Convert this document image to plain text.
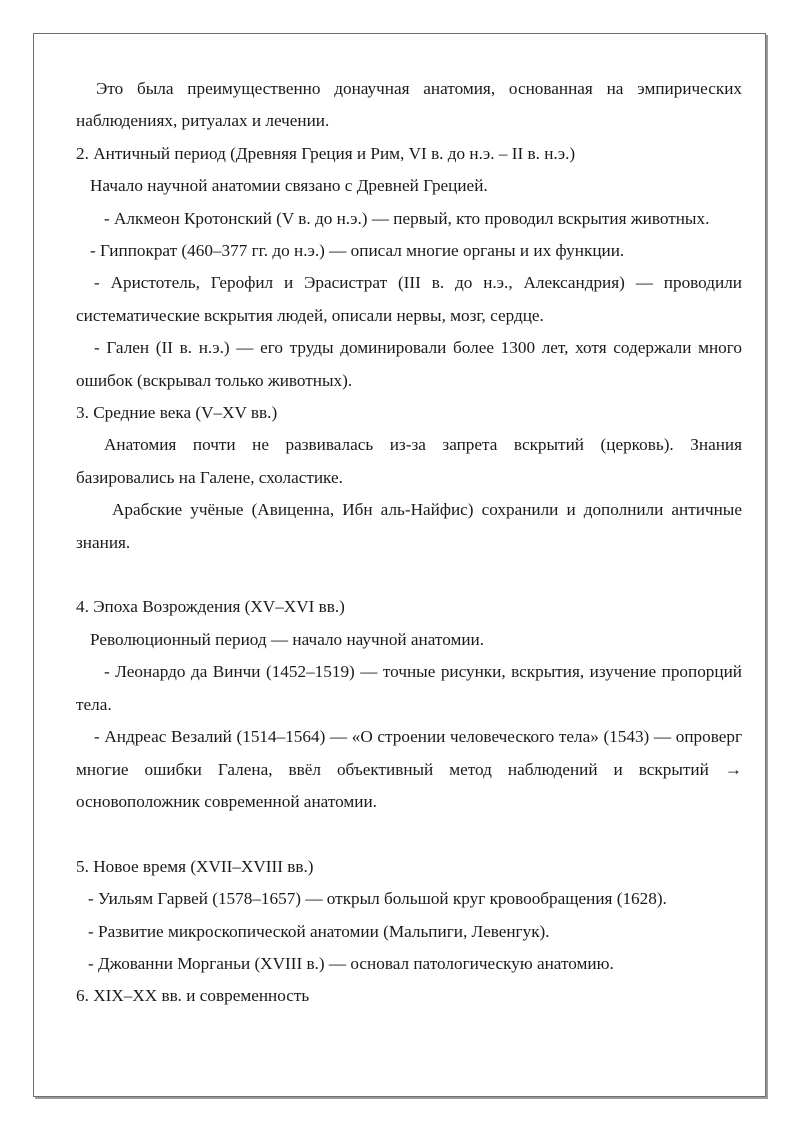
Это была преимущественно донаучная анатомия, основанная на эмпирических наблюдениях, ритуалах и лечении.

2. Античный период (Древняя Греция и Рим, VI в. до н.э. – II в. н.э.)

Начало научной анатомии связано с Древней Грецией.

- Алкмеон Кротонский (V в. до н.э.) — первый, кто проводил вскрытия животных.

- Гиппократ (460–377 гг. до н.э.) — описал многие органы и их функции.

- Аристотель, Герофил и Эрасистрат (III в. до н.э., Александрия) — проводили систематические вскрытия людей, описали нервы, мозг, сердце.

- Гален (II в. н.э.) — его труды доминировали более 1300 лет, хотя содержали много ошибок (вскрывал только животных).

3. Средние века (V–XV вв.)

Анатомия почти не развивалась из-за запрета вскрытий (церковь). Знания базировались на Галене, схоластике.

Арабские учёные (Авиценна, Ибн аль-Найфис) сохранили и дополнили античные знания.

4. Эпоха Возрождения (XV–XVI вв.)

Революционный период — начало научной анатомии.

- Леонардо да Винчи (1452–1519) — точные рисунки, вскрытия, изучение пропорций тела.

- Андреас Везалий (1514–1564) — «О строении человеческого тела» (1543) — опроверг многие ошибки Галена, ввёл объективный метод наблюдений и вскрытий → основоположник современной анатомии.

5. Новое время (XVII–XVIII вв.)

- Уильям Гарвей (1578–1657) — открыл большой круг кровообращения (1628).

- Развитие микроскопической анатомии (Мальпиги, Левенгук).

- Джованни Морганьи (XVIII в.) — основал патологическую анатомию.

6. XIX–XX вв. и современность
